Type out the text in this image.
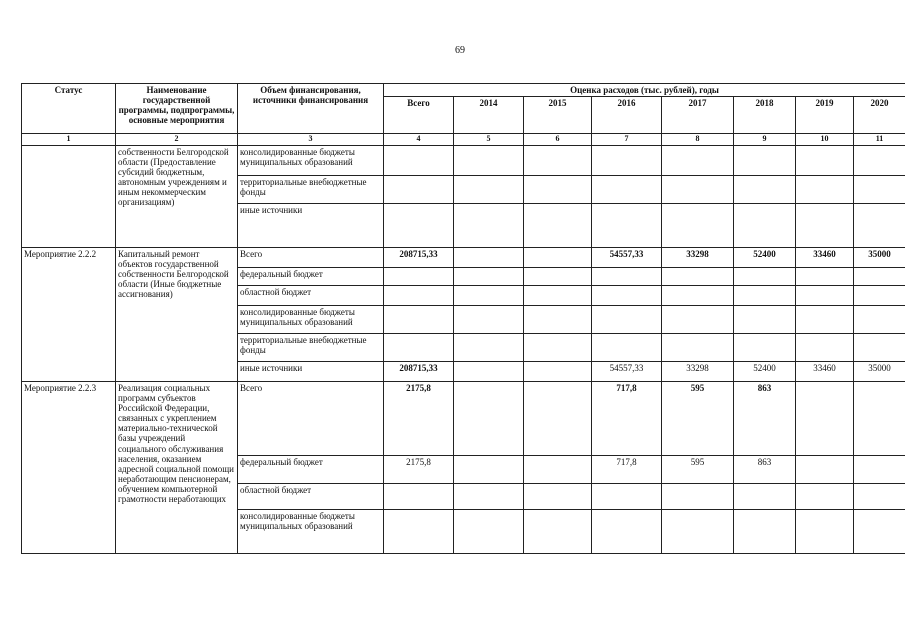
69
Статус	Наименование государственной программы, подпрограммы, основные мероприятия	Объем финансирования, источники финансирования	Оценка расходов (тыс. рублей), годы							
			Всего	2014	2015	2016	2017	2018	2019	2020
1	2	3	4	5	6	7	8	9	10	11
	собственности Белгородской области (Предоставление субсидий бюджетным, автономным учреждениям и иным некоммерческим организациям)	консолидированные бюджеты муниципальных образований								
		территориальные внебюджетные фонды								
		иные источники								
Мероприятие 2.2.2	Капитальный ремонт объектов государственной собственности Белгородской области (Иные бюджетные ассигнования)	Всего	208715,33			54557,33	33298	52400	33460	35000
		федеральный бюджет								
		областной бюджет								
		консолидированные бюджеты муниципальных образований								
		территориальные внебюджетные фонды								
		иные источники	208715,33			54557,33	33298	52400	33460	35000
Мероприятие 2.2.3	Реализация социальных программ субъектов Российской Федерации, связанных с укреплением материально-технической базы учреждений социального обслуживания населения, оказанием адресной социальной помощи неработающим пенсионерам, обучением компьютерной грамотности неработающих	Всего	2175,8			717,8	595	863		
		федеральный бюджет	2175,8			717,8	595	863		
		областной бюджет								
		консолидированные бюджеты муниципальных образований								
